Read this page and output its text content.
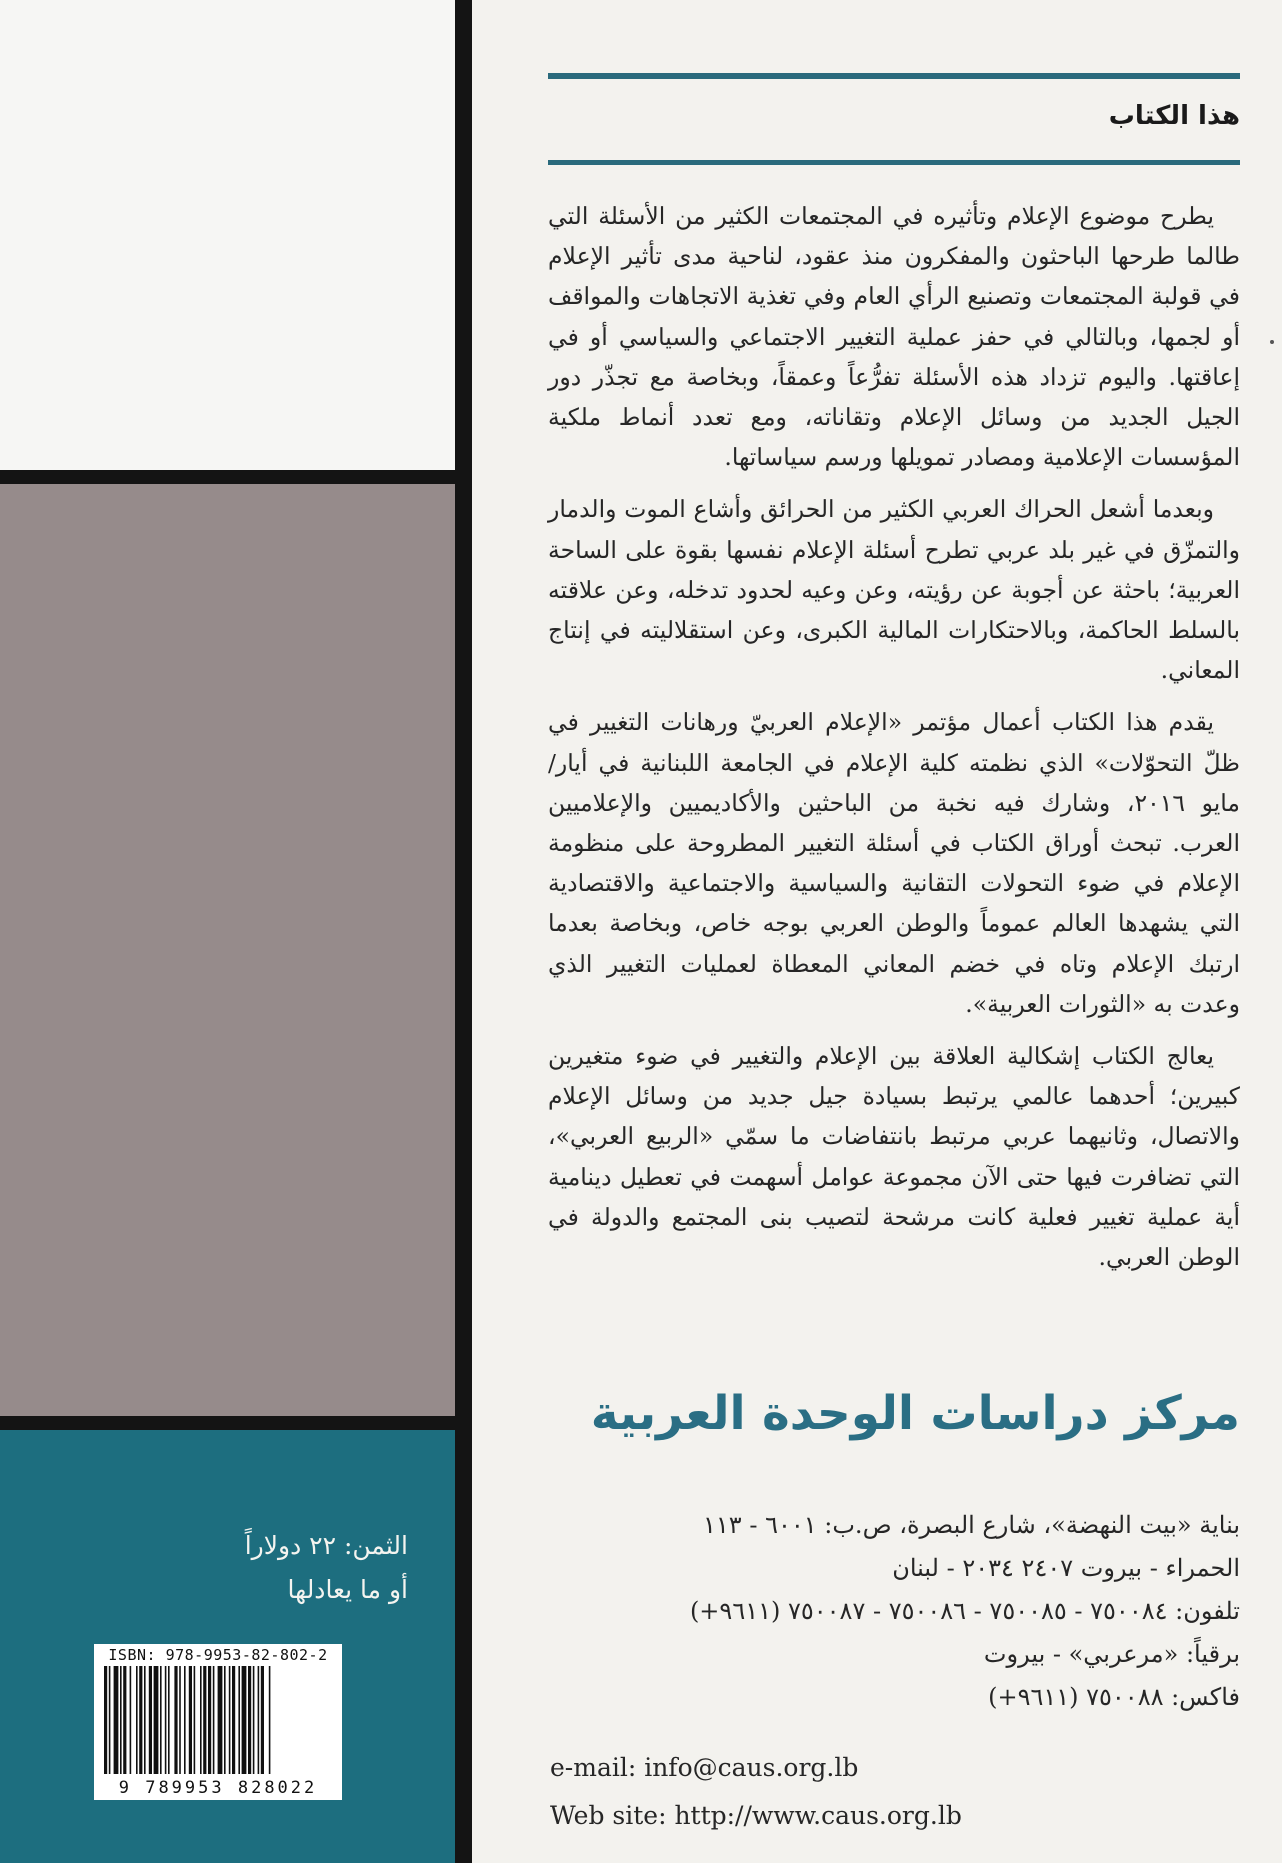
الثمن: ٢٢ دولاراً
أو ما يعادلها
ISBN: 978-9953-82-802-2
9 789953 828022
هذا الكتاب

يطرح موضوع الإعلام وتأثيره في المجتمعات الكثير من الأسئلة التي طالما طرحها الباحثون والمفكرون منذ عقود، لناحية مدى تأثير الإعلام في قولبة المجتمعات وتصنيع الرأي العام وفي تغذية الاتجاهات والمواقف أو لجمها، وبالتالي في حفز عملية التغيير الاجتماعي والسياسي أو في إعاقتها. واليوم تزداد هذه الأسئلة تفرُّعاً وعمقاً، وبخاصة مع تجذّر دور الجيل الجديد من وسائل الإعلام وتقاناته، ومع تعدد أنماط ملكية المؤسسات الإعلامية ومصادر تمويلها ورسم سياساتها.

وبعدما أشعل الحراك العربي الكثير من الحرائق وأشاع الموت والدمار والتمزّق في غير بلد عربي تطرح أسئلة الإعلام نفسها بقوة على الساحة العربية؛ باحثة عن أجوبة عن رؤيته، وعن وعيه لحدود تدخله، وعن علاقته بالسلط الحاكمة، وبالاحتكارات المالية الكبرى، وعن استقلاليته في إنتاج المعاني.

يقدم هذا الكتاب أعمال مؤتمر «الإعلام العربيّ ورهانات التغيير في ظلّ التحوّلات» الذي نظمته كلية الإعلام في الجامعة اللبنانية في أيار/ مايو ٢٠١٦، وشارك فيه نخبة من الباحثين والأكاديميين والإعلاميين العرب. تبحث أوراق الكتاب في أسئلة التغيير المطروحة على منظومة الإعلام في ضوء التحولات التقانية والسياسية والاجتماعية والاقتصادية التي يشهدها العالم عموماً والوطن العربي بوجه خاص، وبخاصة بعدما ارتبك الإعلام وتاه في خضم المعاني المعطاة لعمليات التغيير الذي وعدت به «الثورات العربية».

يعالج الكتاب إشكالية العلاقة بين الإعلام والتغيير في ضوء متغيرين كبيرين؛ أحدهما عالمي يرتبط بسيادة جيل جديد من وسائل الإعلام والاتصال، وثانيهما عربي مرتبط بانتفاضات ما سمّي «الربيع العربي»، التي تضافرت فيها حتى الآن مجموعة عوامل أسهمت في تعطيل دينامية أية عملية تغيير فعلية كانت مرشحة لتصيب بنى المجتمع والدولة في الوطن العربي.

مركز دراسات الوحدة العربية
بناية «بيت النهضة»، شارع البصرة، ص.ب: ٦٠٠١ - ١١٣
الحمراء - بيروت ٢٤٠٧ ٢٠٣٤ - لبنان
تلفون: ٧٥٠٠٨٤ - ٧٥٠٠٨٥ - ٧٥٠٠٨٦ - ٧٥٠٠٨٧ (٩٦١١+)
برقياً: «مرعربي» - بيروت
فاكس: ٧٥٠٠٨٨ (٩٦١١+)
e-mail: info@caus.org.lb
Web site: http://www.caus.org.lb
